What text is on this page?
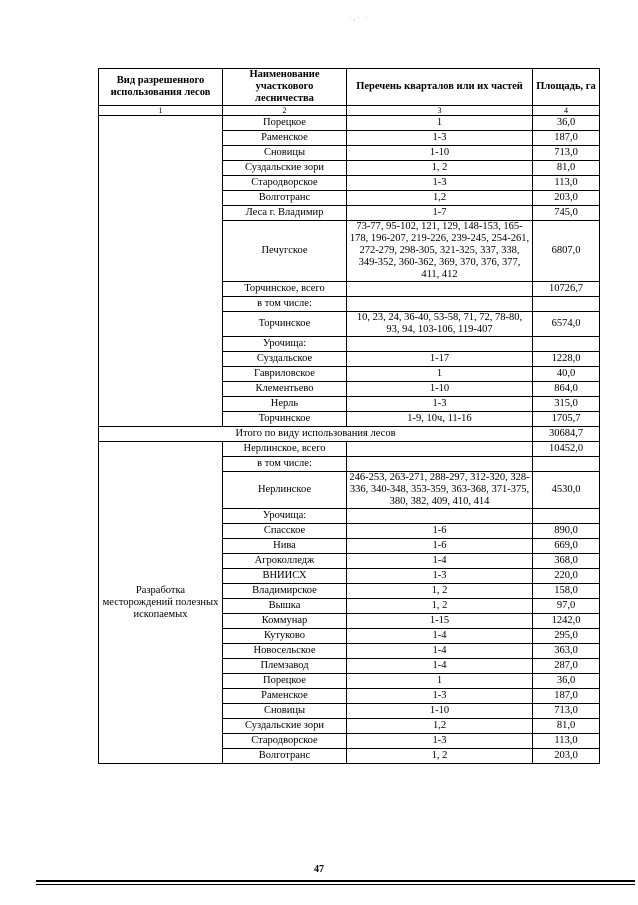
·,· :
Вид разрешенного использования лесов	Наименование участкового лесничества	Перечень кварталов или их частей	Площадь, га
1	2	3	4
	Порецкое	1	36,0
	Раменское	1-3	187,0
	Сновицы	1-10	713,0
	Суздальские зори	1, 2	81,0
	Стародворское	1-3	113,0
	Волготранс	1,2	203,0
	Леса г. Владимир	1-7	745,0
	Печугское	73-77, 95-102, 121, 129, 148-153, 165-178, 196-207, 219-226, 239-245, 254-261, 272-279, 298-305, 321-325, 337, 338, 349-352, 360-362, 369, 370, 376, 377, 411, 412	6807,0
	Торчинское, всего		10726,7
	в том числе:		
	Торчинское	10, 23, 24, 36-40, 53-58, 71, 72, 78-80, 93, 94, 103-106, 119-407	6574,0
	Урочища:		
	Суздальское	1-17	1228,0
	Гавриловское	1	40,0
	Клементьево	1-10	864,0
	Нерль	1-3	315,0
	Торчинское	1-9, 10ч, 11-16	1705,7
Итого по виду использования лесов			30684,7
Разработка месторождений полезных ископаемых	Нерлинское, всего		10452,0
	в том числе:		
	Нерлинское	246-253, 263-271, 288-297, 312-320, 328-336, 340-348, 353-359, 363-368, 371-375, 380, 382, 409, 410, 414	4530,0
	Урочища:		
	Спасское	1-6	890,0
	Нива	1-6	669,0
	Агроколледж	1-4	368,0
	ВНИИСХ	1-3	220,0
	Владимирское	1, 2	158,0
	Вышка	1, 2	97,0
	Коммунар	1-15	1242,0
	Кутуково	1-4	295,0
	Новосельское	1-4	363,0
	Племзавод	1-4	287,0
	Порецкое	1	36,0
	Раменское	1-3	187,0
	Сновицы	1-10	713,0
	Суздальские зори	1,2	81,0
	Стародворское	1-3	113,0
	Волготранс	1, 2	203,0
47
